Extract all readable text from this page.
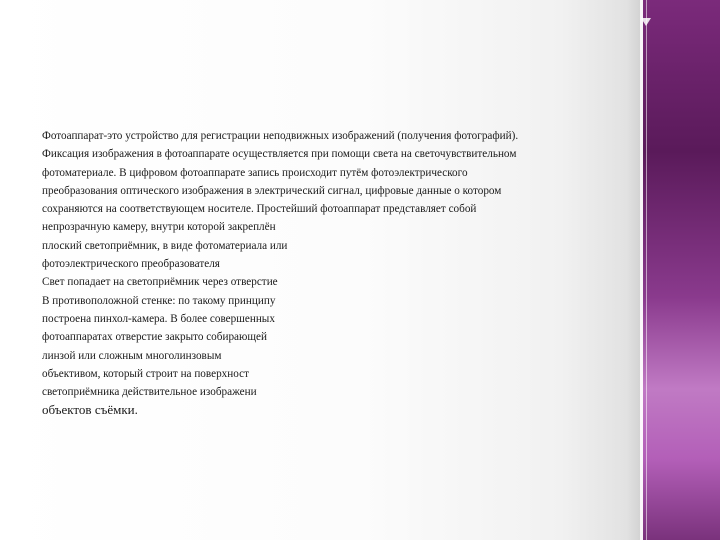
Фотоаппарат-это устройство для регистрации неподвижных изображений (получения фотографий).
Фиксация изображения в фотоаппарате осуществляется при помощи света на светочувствительном
фотоматериале. В цифровом фотоаппарате запись происходит путём фотоэлектрического
преобразования оптического изображения в электрический сигнал, цифровые данные о котором
сохраняются на соответствующем носителе. Простейший фотоаппарат представляет собой
непрозрачную камеру, внутри которой закреплён
плоский светоприёмник, в виде фотоматериала или
фотоэлектрического преобразователя
Свет попадает на светоприёмник через отверстие
В противоположной стенке: по такому принципу
построена пинхол-камера. В более совершенных
фотоаппаратах отверстие закрыто собирающей
линзой или сложным многолинзовым
объективом, который строит на поверхност
светоприёмника действительное изображени
объектов съёмки.
